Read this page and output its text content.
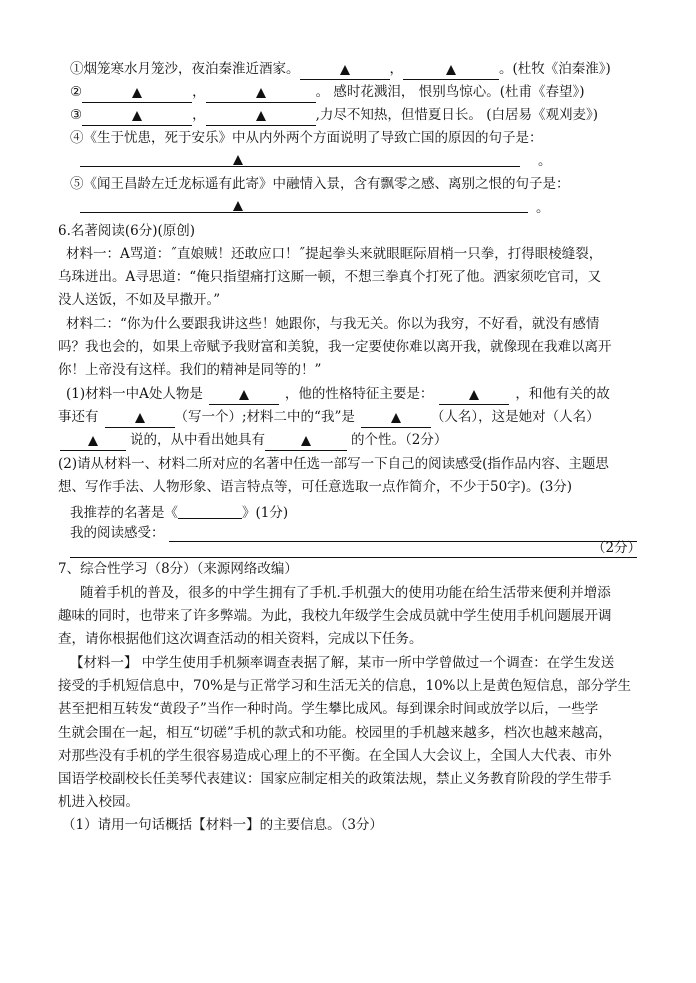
①烟笼寒水月笼沙，夜泊秦淮近酒家。	，	。(杜牧《泊秦淮》)
②	，	。 感时花溅泪， 恨别鸟惊心。(杜甫《春望》)
③	，	,力尽不知热，但惜夏日长。 (白居易《观刈麦》)
④《生于忧患，死于安乐》中从内外两个方面说明了导致亡国的原因的句子是：
。
⑤《闻王昌龄左迁龙标遥有此寄》中融情入景，含有飘零之感、离别之恨的句子是：
。
6.名著阅读(6分)(原创)
材料一：A骂道：˝直娘贼！还敢应口！˝提起拳头来就眼眶际眉梢一只拳，打得眼棱缝裂，
乌珠迸出。A寻思道：“俺只指望痛打这厮一顿，不想三拳真个打死了他。洒家须吃官司，又
没人送饭，不如及早撒开。”
材料二：“你为什么要跟我讲这些！她跟你，与我无关。你以为我穷，不好看，就没有感情
吗？我也会的，如果上帝赋予我财富和美貌，我一定要使你难以离开我，就像现在我难以离开
你！上帝没有这样。我们的精神是同等的！”
(1)材料一中A处人物是	，他的性格特征主要是：	，和他有关的故
事还有	（写一个）;材料二中的“我”是	（人名），这是她对（人名）
说的，从中看出她具有	的个性。（2分）
(2)请从材料一、材料二所对应的名著中任选一部写一下自己的阅读感受(指作品内容、主题思
想、写作手法、人物形象、语言特点等，可任意选取一点作简介，不少于50字)。(3分)
我推荐的名著是《	》(1分)
我的阅读感受：
（2分）
7、综合性学习（8分）（来源网络改编）
随着手机的普及，很多的中学生拥有了手机.手机强大的使用功能在给生活带来便利并增添
趣味的同时，也带来了许多弊端。为此，我校九年级学生会成员就中学生使用手机问题展开调
查，请你根据他们这次调查活动的相关资料，完成以下任务。
【材料一】 中学生使用手机频率调查表据了解，某市一所中学曾做过一个调查：在学生发送
接受的手机短信息中，70%是与正常学习和生活无关的信息，10%以上是黄色短信息，部分学生
甚至把相互转发“黄段子”当作一种时尚。学生攀比成风。每到课余时间或放学以后，一些学
生就会围在一起，相互“切磋”手机的款式和功能。校园里的手机越来越多，档次也越来越高，
对那些没有手机的学生很容易造成心理上的不平衡。在全国人大会议上，全国人大代表、市外
国语学校副校长任美琴代表建议：国家应制定相关的政策法规，禁止义务教育阶段的学生带手
机进入校园。
（1）请用一句话概括【材料一】的主要信息。（3分）
